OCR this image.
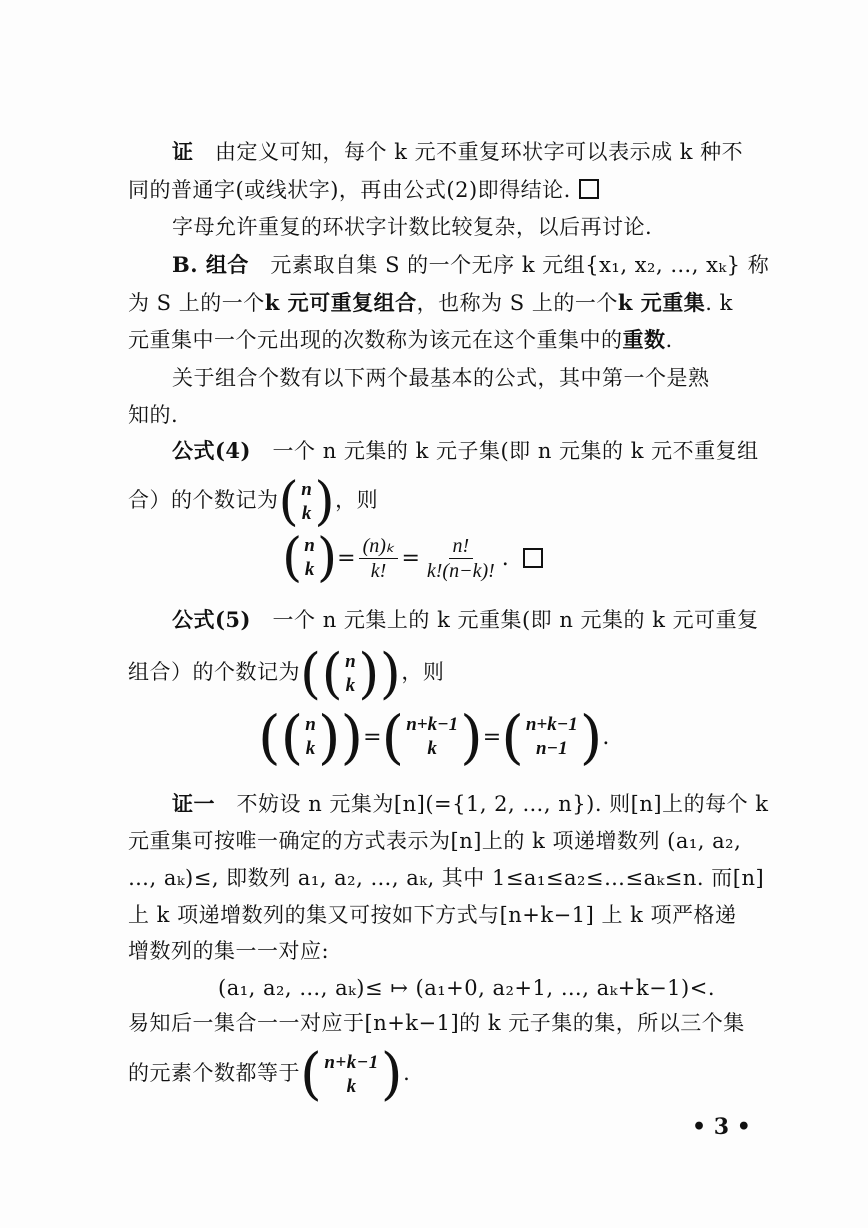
证 由定义可知，每个 k 元不重复环状字可以表示成 k 种不
同的普通字(或线状字)，再由公式(2)即得结论.
字母允许重复的环状字计数比较复杂，以后再讨论.
B. 组合 元素取自集 S 的一个无序 k 元组{x₁, x₂, …, xₖ} 称
为 S 上的一个k 元可重复组合，也称为 S 上的一个k 元重集. k
元重集中一个元出现的次数称为该元在这个重集中的重数.
关于组合个数有以下两个最基本的公式，其中第一个是熟
知的.
公式(4) 一个 n 元集的 k 元子集(即 n 元集的 k 元不重复组
合）的个数记为 ( n
k ) ，则
( n
k ) = $\frac{\text{(n)ₖ}}{k!} = \frac{n!}{k!(n-k)!}$ .
公式(5) 一个 n 元集上的 k 元重集(即 n 元集的 k 元可重复
组合）的个数记为 (( n
k )) ，则
(( n
k )) = ( n+k−1
k ) = ( n+k−1
n−1 ) .
证一 不妨设 n 元集为[n](={1, 2, …, n}). 则[n]上的每个 k
元重集可按唯一确定的方式表示为[n]上的 k 项递增数列 (a₁, a₂,
…, aₖ)≤, 即数列 a₁, a₂, …, aₖ, 其中 1≤a₁≤a₂≤…≤aₖ≤n. 而[n]
上 k 项递增数列的集又可按如下方式与[n+k−1] 上 k 项严格递
增数列的集一一对应:
(a₁, a₂, …, aₖ)≤ ↦ (a₁+0, a₂+1, …, aₖ+k−1)<.
易知后一集合一一对应于[n+k−1]的 k 元子集的集，所以三个集
的元素个数都等于 ( n+k−1
k ) .
• 3 •
